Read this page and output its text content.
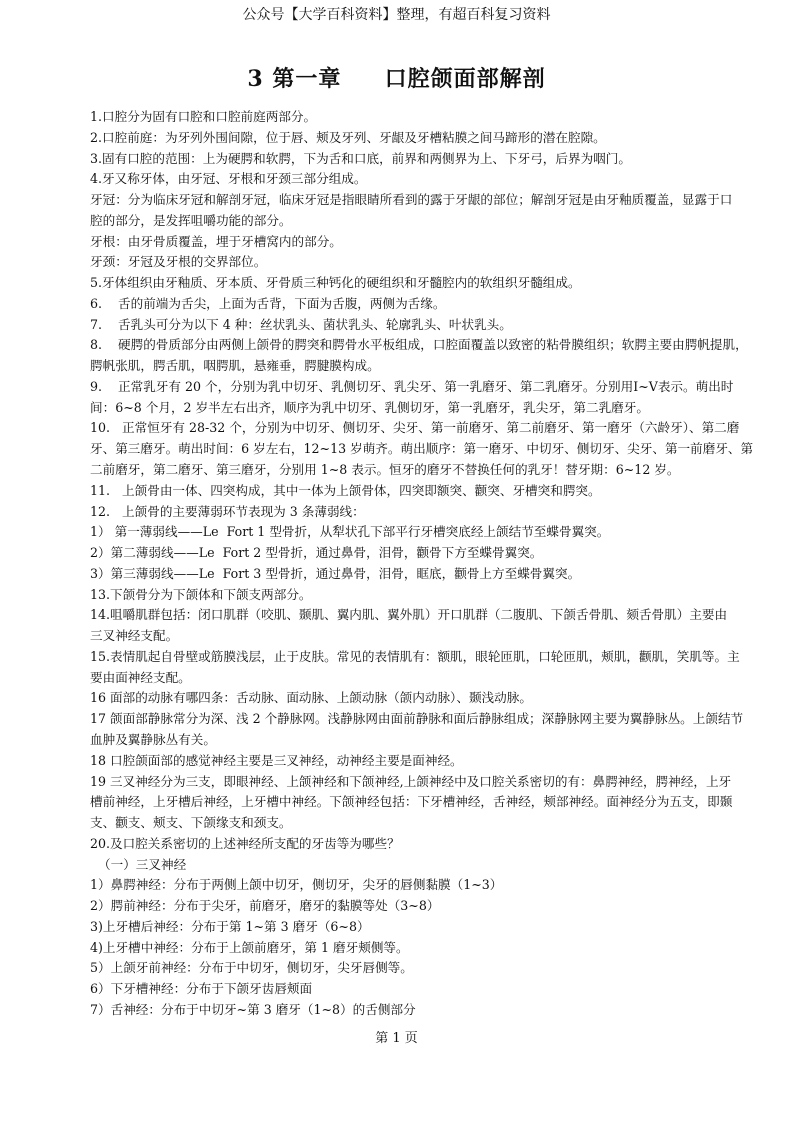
公众号【大学百科资料】整理，有超百科复习资料
3 第一章     口腔颌面部解剖
1.口腔分为固有口腔和口腔前庭两部分。
2.口腔前庭：为牙列外围间隙，位于唇、颊及牙列、牙龈及牙槽粘膜之间马蹄形的潜在腔隙。
3.固有口腔的范围：上为硬腭和软腭，下为舌和口底，前界和两侧界为上、下牙弓，后界为咽门。
4.牙又称牙体，由牙冠、牙根和牙颈三部分组成。
牙冠：分为临床牙冠和解剖牙冠，临床牙冠是指眼睛所看到的露于牙龈的部位；解剖牙冠是由牙釉质覆盖，显露于口
腔的部分，是发挥咀嚼功能的部分。
牙根：由牙骨质覆盖，埋于牙槽窝内的部分。
牙颈：牙冠及牙根的交界部位。
5.牙体组织由牙釉质、牙本质、牙骨质三种钙化的硬组织和牙髓腔内的软组织牙髓组成。
6.    舌的前端为舌尖，上面为舌背，下面为舌腹，两侧为舌缘。
7.    舌乳头可分为以下 4 种：丝状乳头、菌状乳头、轮廓乳头、叶状乳头。
8.    硬腭的骨质部分由两侧上颌骨的腭突和腭骨水平板组成，口腔面覆盖以致密的粘骨膜组织；软腭主要由腭帆提肌，
腭帆张肌，腭舌肌，咽腭肌，悬雍垂，腭腱膜构成。
9.    正常乳牙有 20 个，分别为乳中切牙、乳侧切牙、乳尖牙、第一乳磨牙、第二乳磨牙。分别用Ⅰ~Ⅴ表示。萌出时
间：6~8 个月，2 岁半左右出齐，顺序为乳中切牙、乳侧切牙，第一乳磨牙，乳尖牙，第二乳磨牙。
10.   正常恒牙有 28-32 个，分别为中切牙、侧切牙、尖牙、第一前磨牙、第二前磨牙、第一磨牙（六龄牙）、第二磨
牙、第三磨牙。萌出时间：6 岁左右，12~13 岁萌齐。萌出顺序：第一磨牙、中切牙、侧切牙、尖牙、第一前磨牙、第
二前磨牙，第二磨牙、第三磨牙，分别用 1~8 表示。恒牙的磨牙不替换任何的乳牙！替牙期：6~12 岁。
11.   上颌骨由一体、四突构成，其中一体为上颌骨体，四突即额突、颧突、牙槽突和腭突。
12.   上颌骨的主要薄弱环节表现为 3 条薄弱线：
1） 第一薄弱线——Le  Fort 1 型骨折，从犁状孔下部平行牙槽突底经上颌结节至蝶骨翼突。
2）第二薄弱线——Le  Fort 2 型骨折，通过鼻骨，泪骨，颧骨下方至蝶骨翼突。
3）第三薄弱线——Le  Fort 3 型骨折，通过鼻骨，泪骨，眶底，颧骨上方至蝶骨翼突。
13.下颌骨分为下颌体和下颌支两部分。
14.咀嚼肌群包括：闭口肌群（咬肌、颞肌、翼内肌、翼外肌）开口肌群（二腹肌、下颌舌骨肌、颏舌骨肌）主要由
三叉神经支配。
15.表情肌起自骨壁或筋膜浅层，止于皮肤。常见的表情肌有：额肌，眼轮匝肌，口轮匝肌，颊肌，颧肌，笑肌等。主
要由面神经支配。
16 面部的动脉有哪四条：舌动脉、面动脉、上颌动脉（颌内动脉）、颞浅动脉。
17 颌面部静脉常分为深、浅 2 个静脉网。浅静脉网由面前静脉和面后静脉组成；深静脉网主要为翼静脉丛。上颌结节
血肿及翼静脉丛有关。
18 口腔颌面部的感觉神经主要是三叉神经，动神经主要是面神经。
19 三叉神经分为三支，即眼神经、上颌神经和下颌神经,上颌神经中及口腔关系密切的有：鼻腭神经，腭神经，上牙
槽前神经，上牙槽后神经，上牙槽中神经。下颌神经包括：下牙槽神经，舌神经，颊部神经。面神经分为五支，即颞
支、颧支、颊支、下颌缘支和颈支。
20.及口腔关系密切的上述神经所支配的牙齿等为哪些？
（一）三叉神经
1）鼻腭神经：分布于两侧上颌中切牙，侧切牙，尖牙的唇侧黏膜（1~3）
2）腭前神经：分布于尖牙，前磨牙，磨牙的黏膜等处（3~8）
3)上牙槽后神经：分布于第 1~第 3 磨牙（6~8）
4)上牙槽中神经：分布于上颌前磨牙，第 1 磨牙颊侧等。
5）上颌牙前神经：分布于中切牙，侧切牙，尖牙唇侧等。
6）下牙槽神经：分布于下颌牙齿唇颊面
7）舌神经：分布于中切牙~第 3 磨牙（1~8）的舌侧部分
第 1 页
